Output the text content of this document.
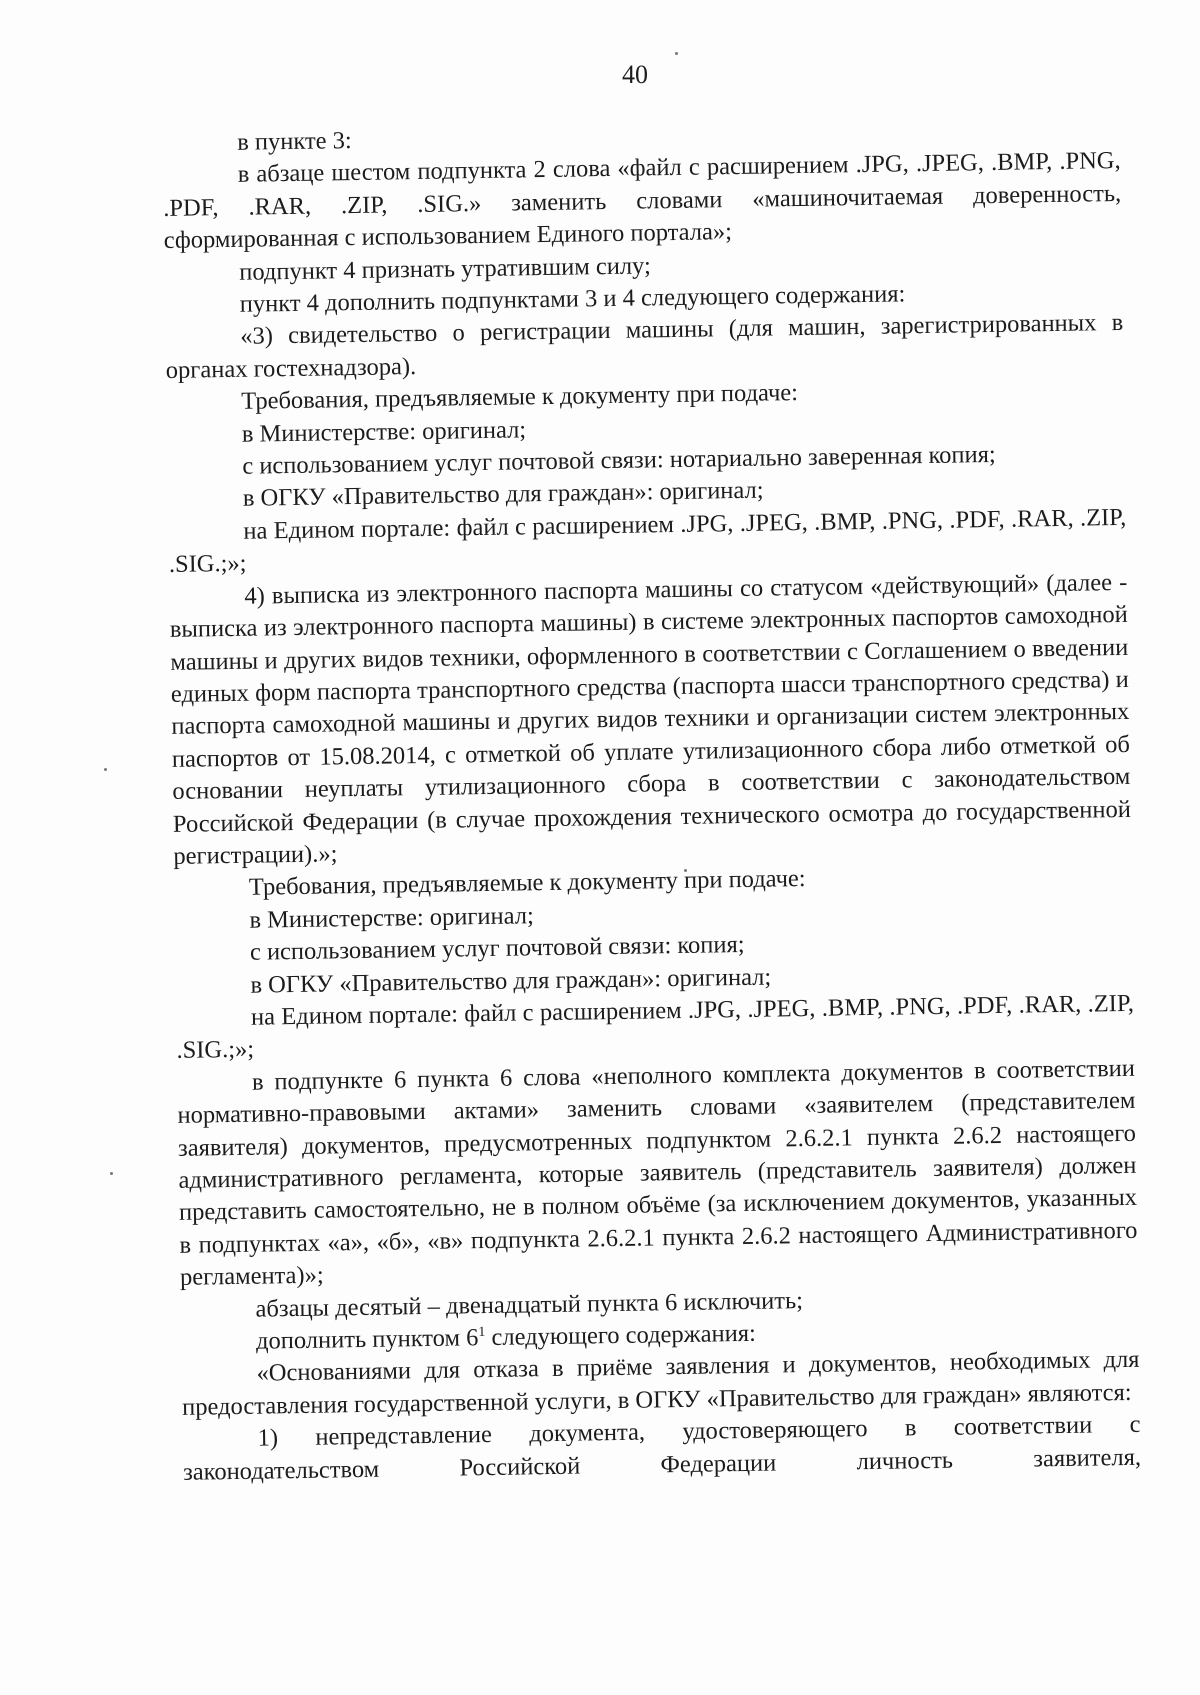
40

в пункте 3:

в абзаце шестом подпункта 2 слова «файл с расширением .JPG, .JPEG, .BMP, .PNG, .PDF, .RAR, .ZIP, .SIG.» заменить словами «машиночитаемая доверенность, сформированная с использованием Единого портала»;

подпункт 4 признать утратившим силу;

пункт 4 дополнить подпунктами 3 и 4 следующего содержания:

«3) свидетельство о регистрации машины (для машин, зарегистрированных в органах гостехнадзора).

Требования, предъявляемые к документу при подаче:

в Министерстве: оригинал;

с использованием услуг почтовой связи: нотариально заверенная копия;

в ОГКУ «Правительство для граждан»: оригинал;

на Едином портале: файл с расширением .JPG, .JPEG, .BMP, .PNG, .PDF, .RAR, .ZIP, .SIG.;»;

4) выписка из электронного паспорта машины со статусом «действующий» (далее - выписка из электронного паспорта машины) в системе электронных паспортов самоходной машины и других видов техники, оформленного в соответствии с Соглашением о введении единых форм паспорта транспортного средства (паспорта шасси транспортного средства) и паспорта самоходной машины и других видов техники и организации систем электронных паспортов от 15.08.2014, с отметкой об уплате утилизационного сбора либо отметкой об основании неуплаты утилизационного сбора в соответствии с законодательством Российской Федерации (в случае прохождения технического осмотра до государственной регистрации).»;

Требования, предъявляемые к документу при подаче:

в Министерстве: оригинал;

с использованием услуг почтовой связи: копия;

в ОГКУ «Правительство для граждан»: оригинал;

на Едином портале: файл с расширением .JPG, .JPEG, .BMP, .PNG, .PDF, .RAR, .ZIP, .SIG.;»;

в подпункте 6 пункта 6 слова «неполного комплекта документов в соответствии нормативно-правовыми актами» заменить словами «заявителем (представителем заявителя) документов, предусмотренных подпунктом 2.6.2.1 пункта 2.6.2 настоящего административного регламента, которые заявитель (представитель заявителя) должен представить самостоятельно, не в полном объёме (за исключением документов, указанных в подпунктах «а», «б», «в» подпункта 2.6.2.1 пункта 2.6.2 настоящего Административного регламента)»;

абзацы десятый – двенадцатый пункта 6 исключить;

дополнить пунктом $6^1$ следующего содержания:

«Основаниями для отказа в приёме заявления и документов, необходимых для предоставления государственной услуги, в ОГКУ «Правительство для граждан» являются:

1) непредставление документа, удостоверяющего в соответствии с законодательством Российской Федерации личность заявителя,
